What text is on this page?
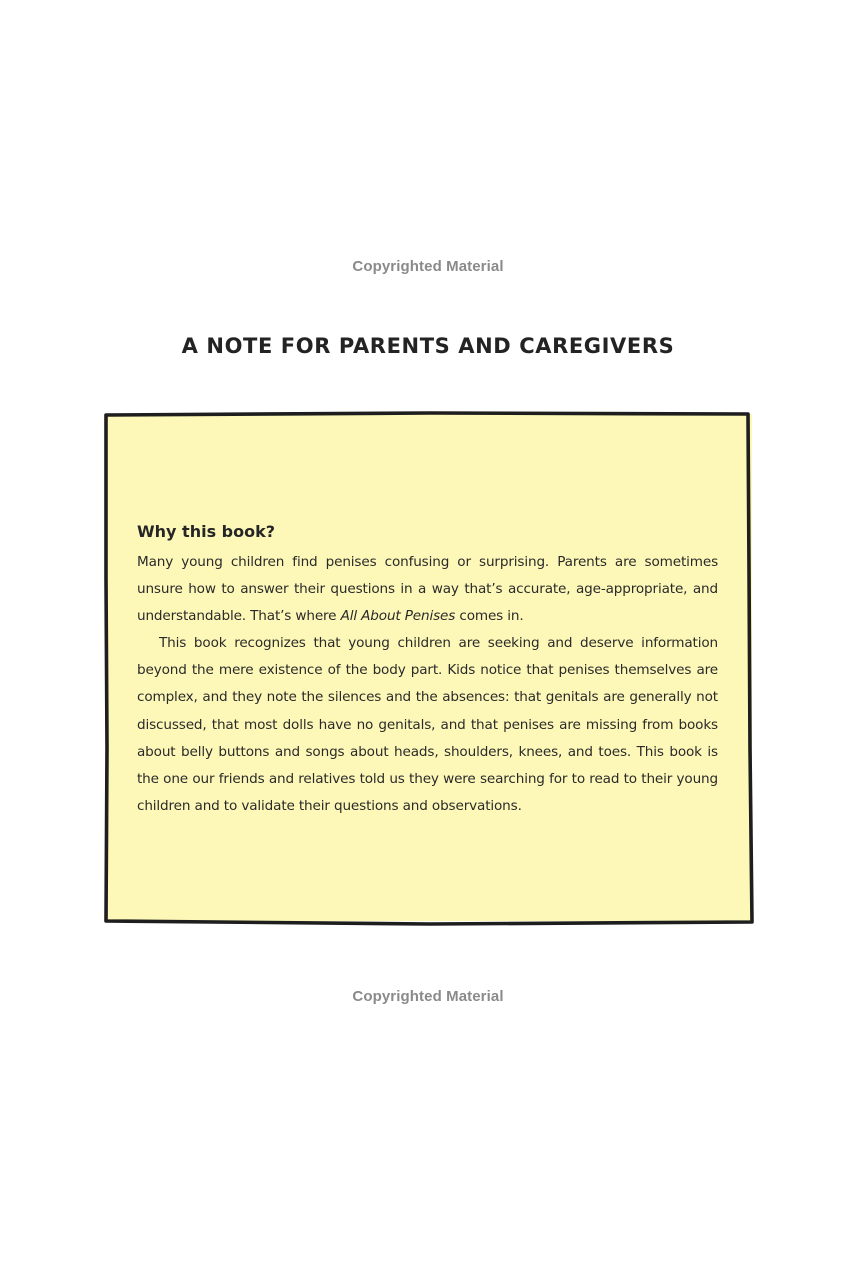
Copyrighted Material
A NOTE FOR PARENTS AND CAREGIVERS
Why this book?

Many young children find penises confusing or surprising. Parents are sometimes unsure how to answer their questions in a way that’s accurate, age-appropriate, and understandable. That’s where All About Penises comes in.

This book recognizes that young children are seeking and deserve information beyond the mere existence of the body part. Kids notice that penises themselves are complex, and they note the silences and the absences: that genitals are generally not discussed, that most dolls have no genitals, and that penises are missing from books about belly buttons and songs about heads, shoulders, knees, and toes. This book is the one our friends and relatives told us they were searching for to read to their young children and to validate their questions and observations.

Copyrighted Material
